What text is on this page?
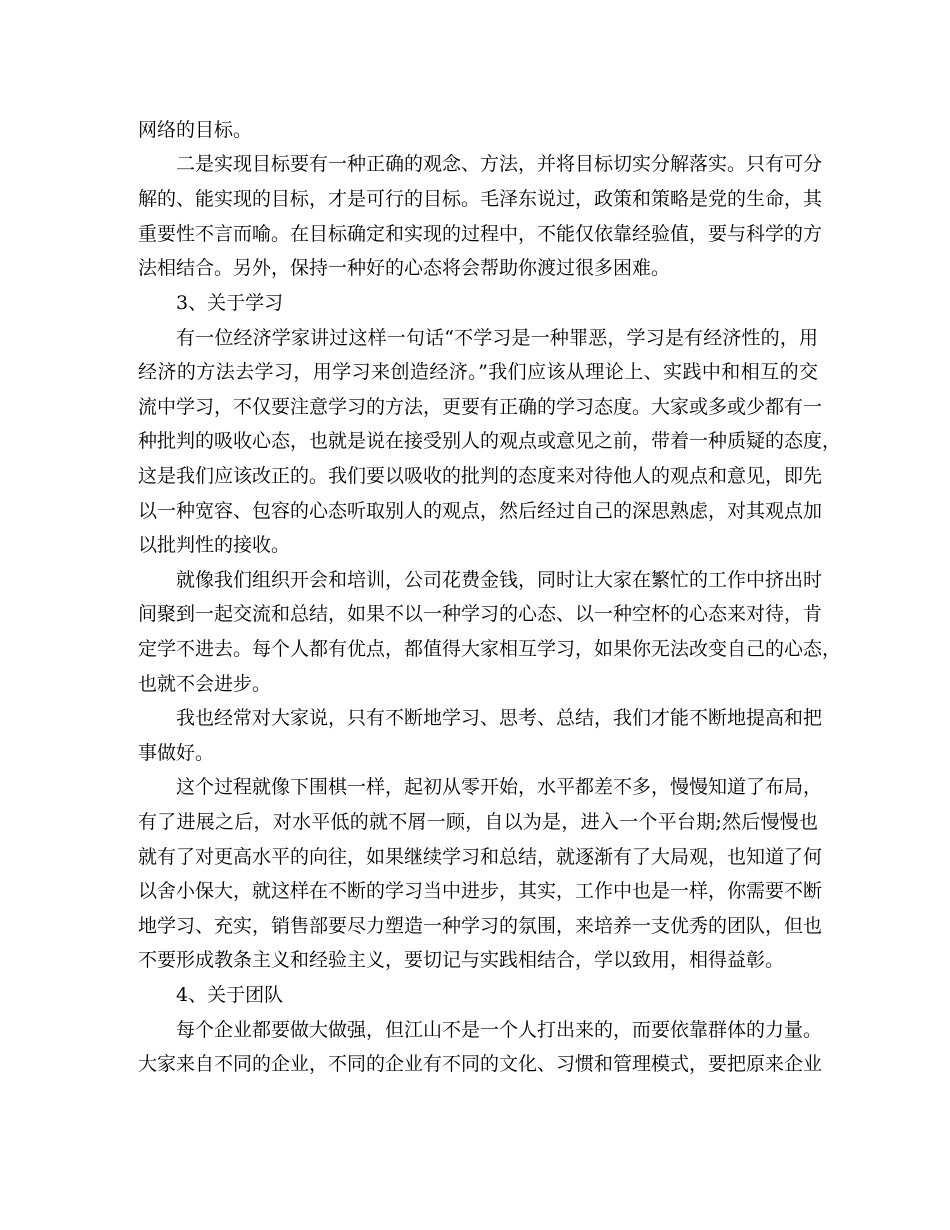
网络的目标。
二是实现目标要有一种正确的观念、方法，并将目标切实分解落实。只有可分
解的、能实现的目标，才是可行的目标。毛泽东说过，政策和策略是党的生命，其
重要性不言而喻。在目标确定和实现的过程中，不能仅依靠经验值，要与科学的方
法相结合。另外，保持一种好的心态将会帮助你渡过很多困难。
3、关于学习
有一位经济学家讲过这样一句话“不学习是一种罪恶，学习是有经济性的，用
经济的方法去学习，用学习来创造经济。”我们应该从理论上、实践中和相互的交
流中学习，不仅要注意学习的方法，更要有正确的学习态度。大家或多或少都有一
种批判的吸收心态，也就是说在接受别人的观点或意见之前，带着一种质疑的态度，
这是我们应该改正的。我们要以吸收的批判的态度来对待他人的观点和意见，即先
以一种宽容、包容的心态听取别人的观点，然后经过自己的深思熟虑，对其观点加
以批判性的接收。
就像我们组织开会和培训，公司花费金钱，同时让大家在繁忙的工作中挤出时
间聚到一起交流和总结，如果不以一种学习的心态、以一种空杯的心态来对待，肯
定学不进去。每个人都有优点，都值得大家相互学习，如果你无法改变自己的心态，
也就不会进步。
我也经常对大家说，只有不断地学习、思考、总结，我们才能不断地提高和把
事做好。
这个过程就像下围棋一样，起初从零开始，水平都差不多，慢慢知道了布局，
有了进展之后，对水平低的就不屑一顾，自以为是，进入一个平台期;然后慢慢也
就有了对更高水平的向往，如果继续学习和总结，就逐渐有了大局观，也知道了何
以舍小保大，就这样在不断的学习当中进步，其实，工作中也是一样，你需要不断
地学习、充实，销售部要尽力塑造一种学习的氛围，来培养一支优秀的团队，但也
不要形成教条主义和经验主义，要切记与实践相结合，学以致用，相得益彰。
4、关于团队
每个企业都要做大做强，但江山不是一个人打出来的，而要依靠群体的力量。
大家来自不同的企业，不同的企业有不同的文化、习惯和管理模式，要把原来企业
